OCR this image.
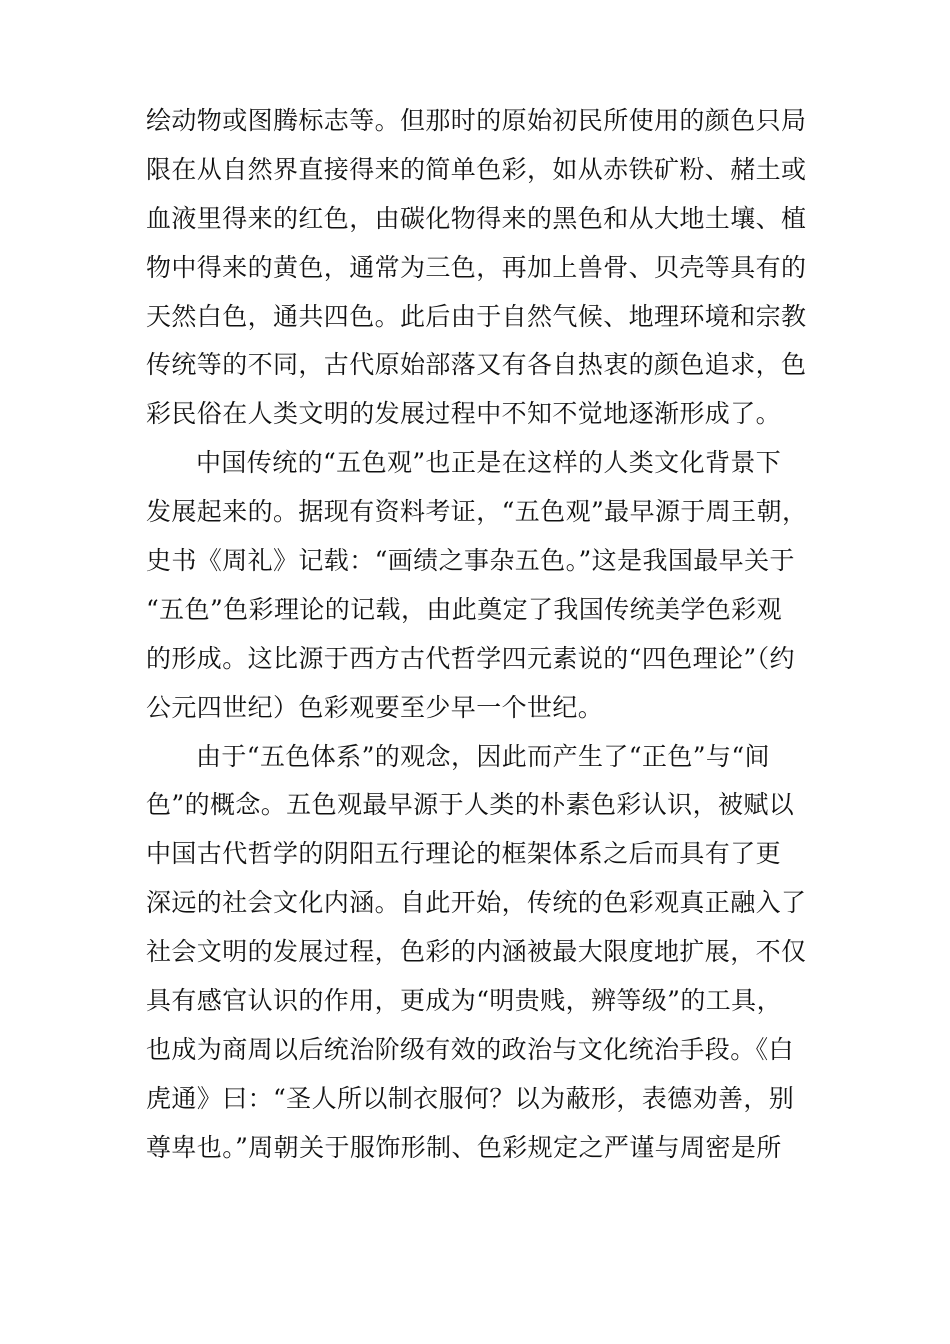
绘动物或图腾标志等。但那时的原始初民所使用的颜色只局
限在从自然界直接得来的简单色彩，如从赤铁矿粉、赭土或
血液里得来的红色，由碳化物得来的黑色和从大地土壤、植
物中得来的黄色，通常为三色，再加上兽骨、贝壳等具有的
天然白色，通共四色。此后由于自然气候、地理环境和宗教
传统等的不同，古代原始部落又有各自热衷的颜色追求，色
彩民俗在人类文明的发展过程中不知不觉地逐渐形成了。
中国传统的“五色观”也正是在这样的人类文化背景下
发展起来的。据现有资料考证，“五色观”最早源于周王朝，
史书《周礼》记载：“画绩之事杂五色。”这是我国最早关于
“五色”色彩理论的记载，由此奠定了我国传统美学色彩观
的形成。这比源于西方古代哲学四元素说的“四色理论”（约
公元四世纪）色彩观要至少早一个世纪。
由于“五色体系”的观念，因此而产生了“正色”与“间
色”的概念。五色观最早源于人类的朴素色彩认识，被赋以
中国古代哲学的阴阳五行理论的框架体系之后而具有了更
深远的社会文化内涵。自此开始，传统的色彩观真正融入了
社会文明的发展过程，色彩的内涵被最大限度地扩展，不仅
具有感官认识的作用，更成为“明贵贱，辨等级”的工具，
也成为商周以后统治阶级有效的政治与文化统治手段。《白
虎通》曰：“圣人所以制衣服何？以为蔽形，表德劝善，别
尊卑也。”周朝关于服饰形制、色彩规定之严谨与周密是所
